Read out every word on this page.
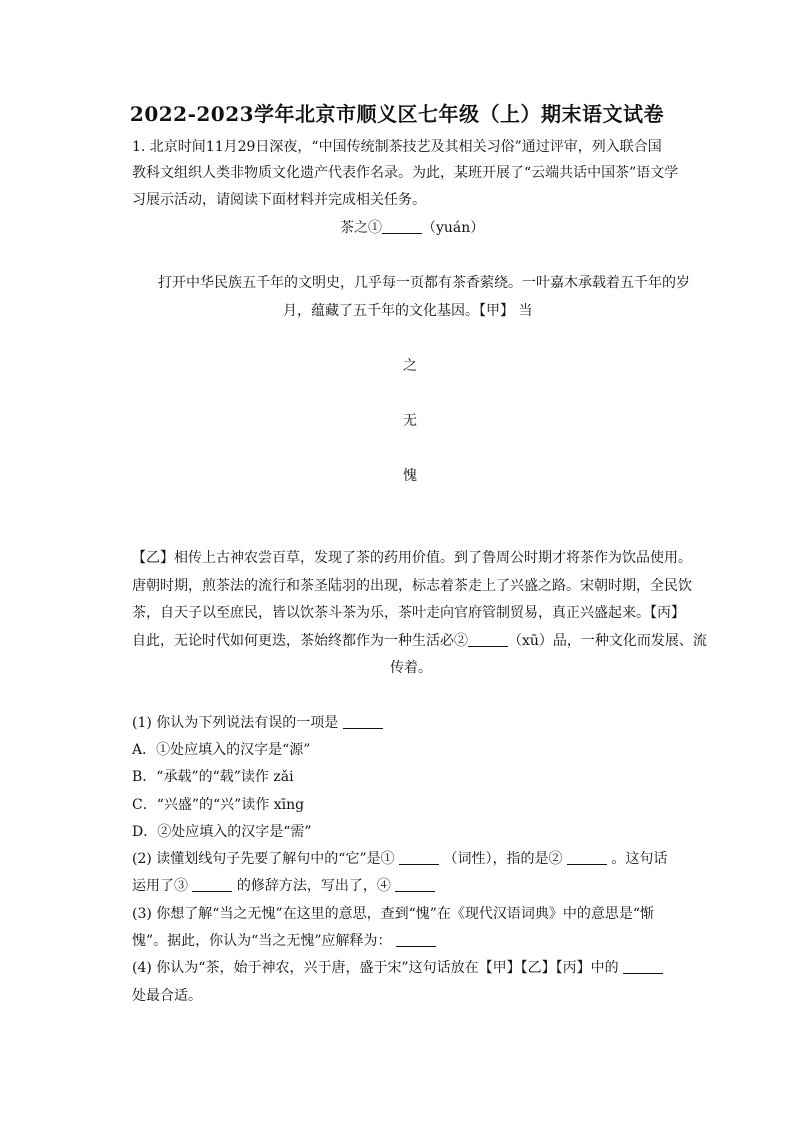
2022-2023学年北京市顺义区七年级（上）期末语文试卷
1. 北京时间11月29日深夜，“中国传统制茶技艺及其相关习俗”通过评审，列入联合国
教科文组织人类非物质文化遗产代表作名录。为此，某班开展了“云端共话中国茶”语文学
习展示活动，请阅读下面材料并完成相关任务。
茶之①	（yuán）
打开中华民族五千年的文明史，几乎每一页都有茶香萦绕。一叶嘉木承载着五千年的岁
月，蕴藏了五千年的文化基因。【甲】 当
之
无
愧
【乙】相传上古神农尝百草，发现了茶的药用价值。到了鲁周公时期才将茶作为饮品使用。
唐朝时期，煎茶法的流行和茶圣陆羽的出现，标志着茶走上了兴盛之路。宋朝时期，全民饮
茶，自天子以至庶民，皆以饮茶斗茶为乐，茶叶走向官府管制贸易，真正兴盛起来。【丙】
自此，无论时代如何更迭，茶始终都作为一种生活必②	（xū）品，一种文化而发展、流
传着。
(1) 你认为下列说法有误的一项是
A．①处应填入的汉字是“源”
B．“承载”的“载”读作 zǎi
C．“兴盛”的“兴”读作 xīng
D．②处应填入的汉字是“需”
(2) 读懂划线句子先要了解句中的“它”是①	（词性），指的是②	。这句话
运用了③	的修辞方法，写出了，④
(3) 你想了解“当之无愧”在这里的意思，查到“愧”在《现代汉语词典》中的意思是“惭
愧”。据此，你认为“当之无愧”应解释为：
(4) 你认为“茶，始于神农，兴于唐，盛于宋”这句话放在【甲】【乙】【丙】中的
处最合适。
